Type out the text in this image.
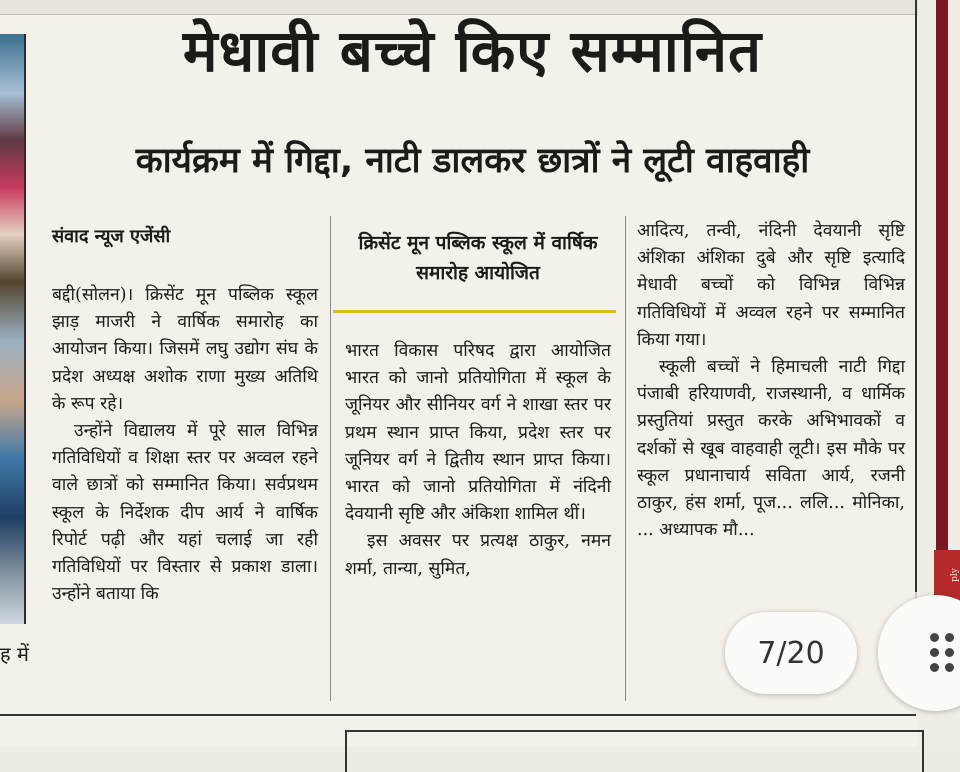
ह में
मेधावी बच्चे किए सम्मानित
कार्यक्रम में गिद्दा, नाटी डालकर छात्रों ने लूटी वाहवाही
संवाद न्यूज एजेंसी

बद्दी(सोलन)। क्रिसेंट मून पब्लिक स्कूल झाड़ माजरी ने वार्षिक समारोह का आयोजन किया। जिसमें लघु उद्योग संघ के प्रदेश अध्यक्ष अशोक राणा मुख्य अतिथि के रूप रहे।

उन्होंने विद्यालय में पूरे साल विभिन्न गतिविधियों व शिक्षा स्तर पर अव्वल रहने वाले छात्रों को सम्मानित किया। सर्वप्रथम स्कूल के निर्देशक दीप आर्य ने वार्षिक रिपोर्ट पढ़ी और यहां चलाई जा रही गतिविधियों पर विस्तार से प्रकाश डाला। उन्होंने बताया कि

क्रिसेंट मून पब्लिक स्कूल में वार्षिक समारोह आयोजित

भारत विकास परिषद द्वारा आयोजित भारत को जानो प्रतियोगिता में स्कूल के जूनियर और सीनियर वर्ग ने शाखा स्तर पर प्रथम स्थान प्राप्त किया, प्रदेश स्तर पर जूनियर वर्ग ने द्वितीय स्थान प्राप्त किया। भारत को जानो प्रतियोगिता में नंदिनी देवयानी सृष्टि और अंकिशा शामिल थीं।

इस अवसर पर प्रत्यक्ष ठाकुर, नमन शर्मा, तान्या, सुमित,

आदित्य, तन्वी, नंदिनी देवयानी सृष्टि अंशिका अंशिका दुबे और सृष्टि इत्यादि मेधावी बच्चों को विभिन्न विभिन्न गतिविधियों में अव्वल रहने पर सम्मानित किया गया।

स्कूली बच्चों ने हिमाचली नाटी गिद्दा पंजाबी हरियाणवी, राजस्थानी, व धार्मिक प्रस्तुतियां प्रस्तुत करके अभिभावकों व दर्शकों से खूब वाहवाही लूटी। इस मौके पर स्कूल प्रधानाचार्य सविता आर्य, रजनी ठाकुर, हंस शर्मा, पूज... ललि... मोनिका, ... अध्यापक मौ...

ply
7/20
